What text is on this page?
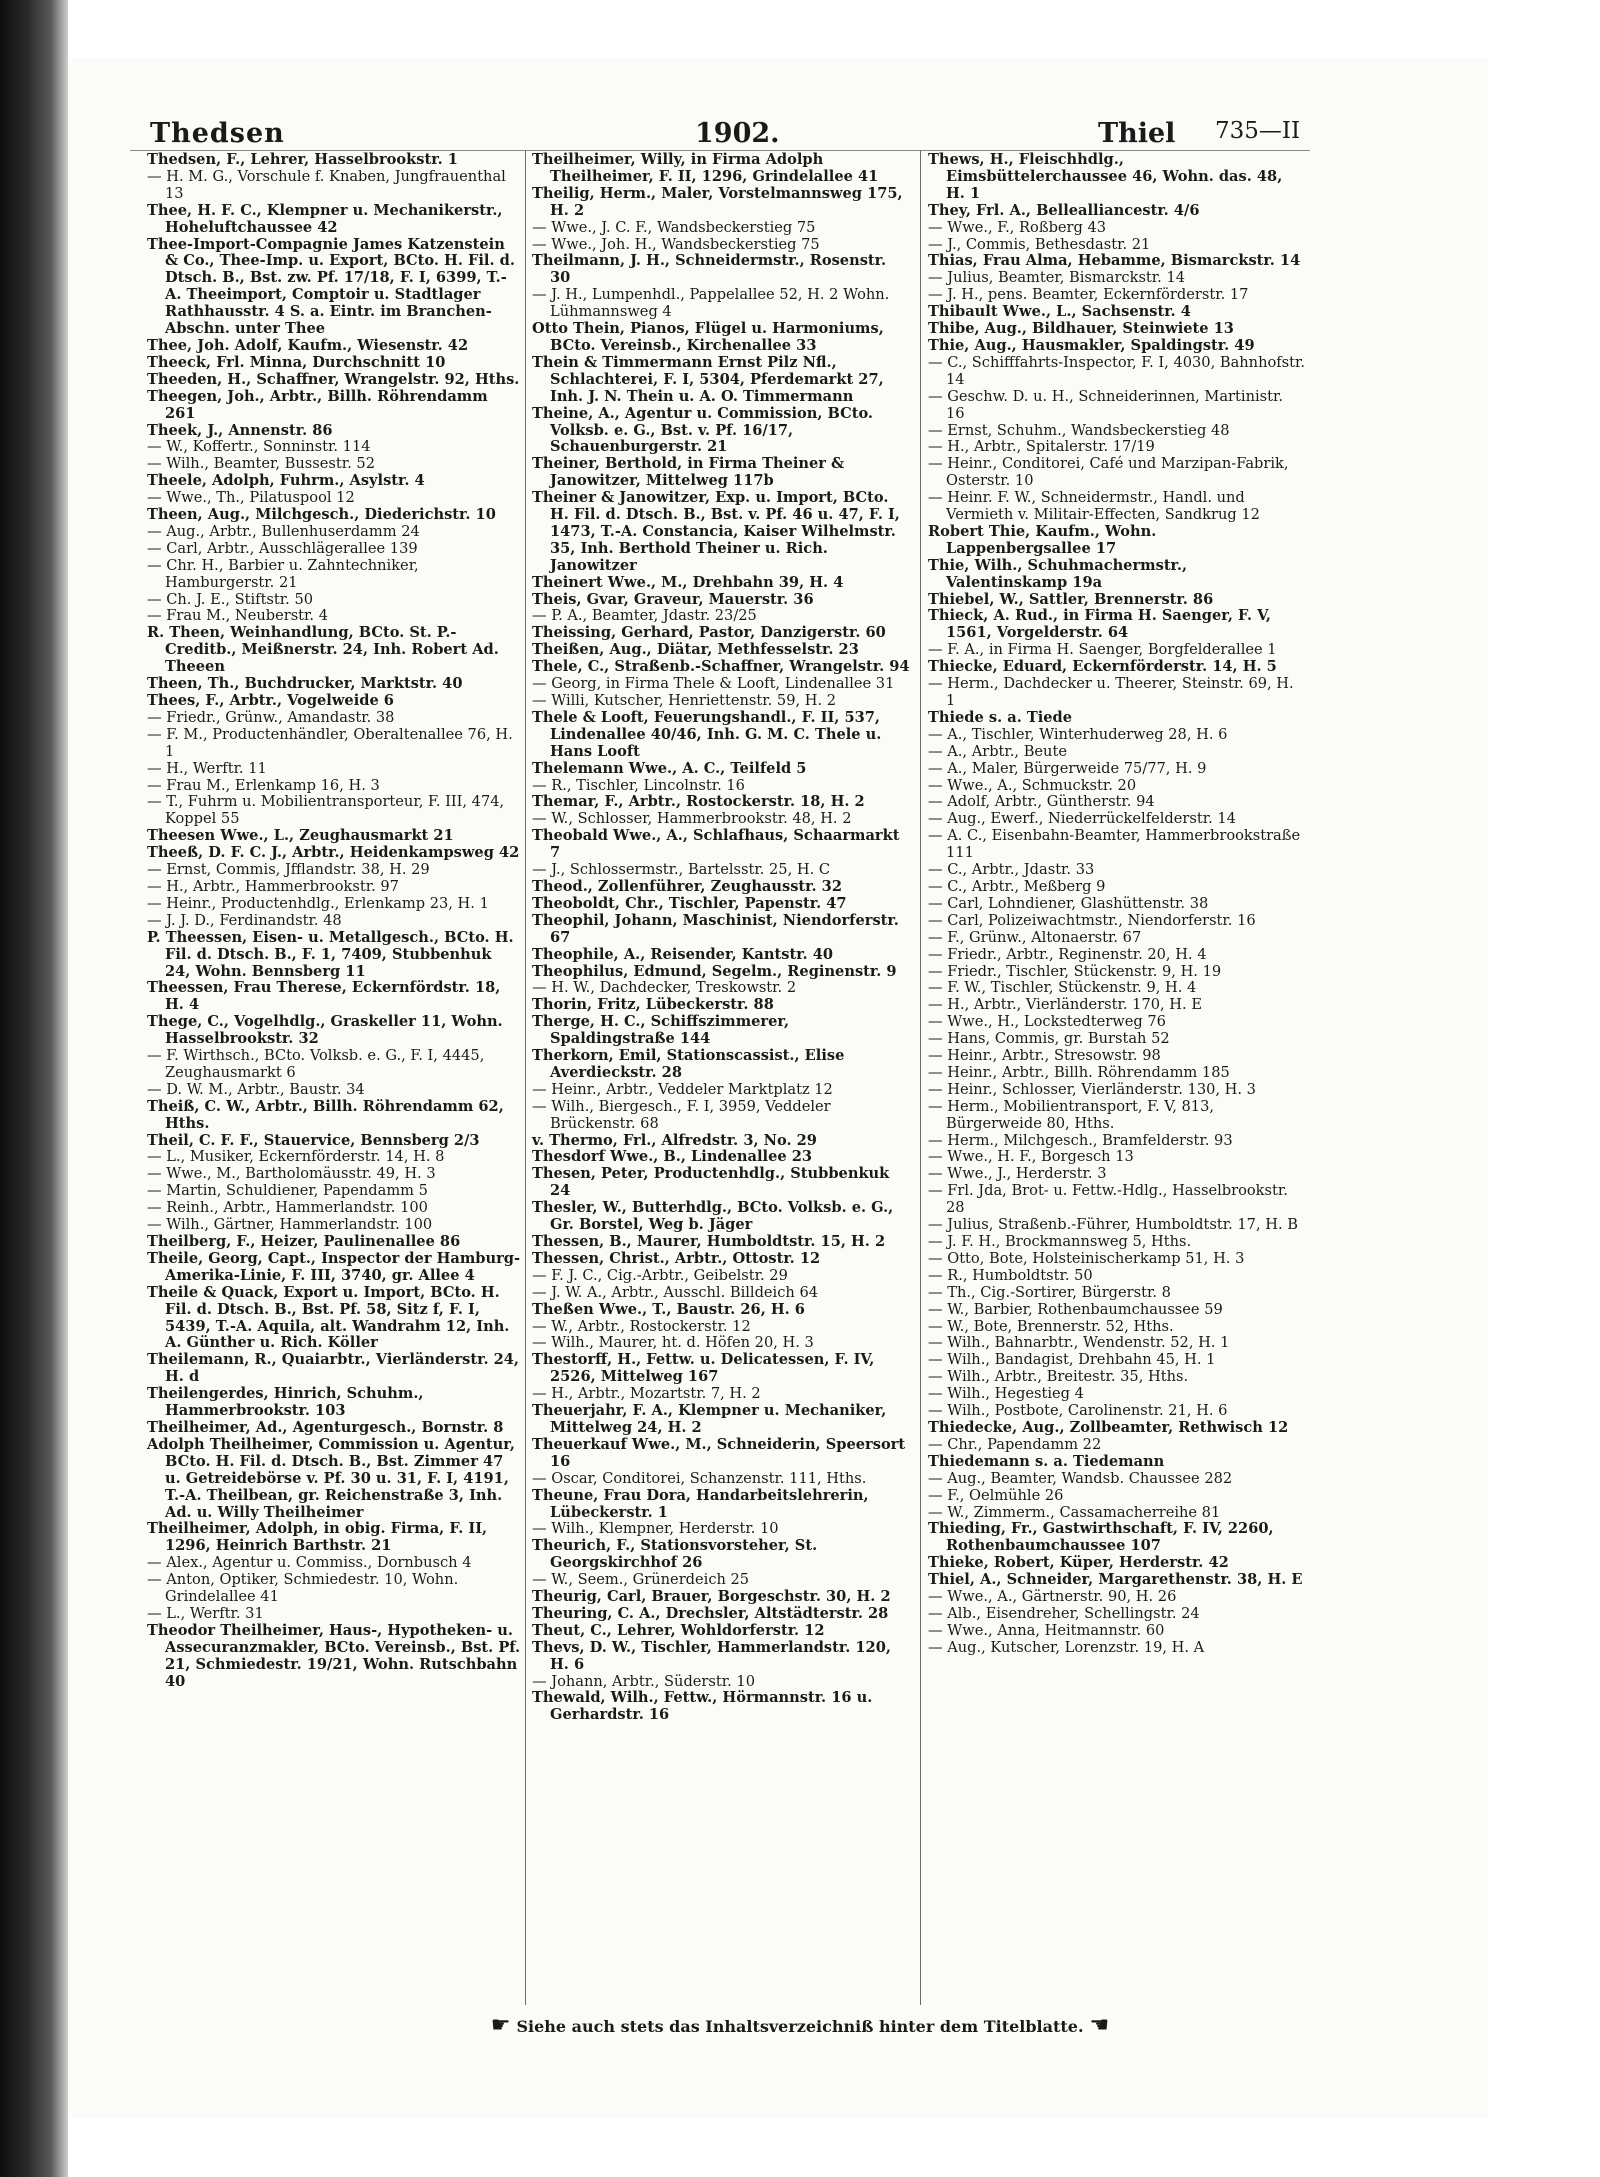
Thedsen	1902.	Thiel 735—II

Thedsen, F., Lehrer, Hasselbrookstr. 1

— H. M. G., Vorschule f. Knaben, Jungfrauenthal 13

Thee, H. F. C., Klempner u. Mechanikerstr., Hoheluftchaussee 42

Thee-Import-Compagnie James Katzenstein & Co., Thee-Imp. u. Export, BCto. H. Fil. d. Dtsch. B., Bst. zw. Pf. 17/18, F. I, 6399, T.-A. Theeimport, Comptoir u. Stadtlager Rathhausstr. 4 S. a. Eintr. im Branchen-Abschn. unter Thee

Thee, Joh. Adolf, Kaufm., Wiesenstr. 42

Theeck, Frl. Minna, Durchschnitt 10

Theeden, H., Schaffner, Wrangelstr. 92, Hths.

Theegen, Joh., Arbtr., Billh. Röhrendamm 261

Theek, J., Annenstr. 86

— W., Koffertr., Sonninstr. 114

— Wilh., Beamter, Bussestr. 52

Theele, Adolph, Fuhrm., Asylstr. 4

— Wwe., Th., Pilatuspool 12

Theen, Aug., Milchgesch., Diederichstr. 10

— Aug., Arbtr., Bullenhuserdamm 24

— Carl, Arbtr., Ausschlägerallee 139

— Chr. H., Barbier u. Zahntechniker, Hamburgerstr. 21

— Ch. J. E., Stiftstr. 50

— Frau M., Neuberstr. 4

R. Theen, Weinhandlung, BCto. St. P.-Creditb., Meißnerstr. 24, Inh. Robert Ad. Theeen

Theen, Th., Buchdrucker, Marktstr. 40

Thees, F., Arbtr., Vogelweide 6

— Friedr., Grünw., Amandastr. 38

— F. M., Productenhändler, Oberaltenallee 76, H. 1

— H., Werftr. 11

— Frau M., Erlenkamp 16, H. 3

— T., Fuhrm u. Mobilientransporteur, F. III, 474, Koppel 55

Theesen Wwe., L., Zeughausmarkt 21

Theeß, D. F. C. J., Arbtr., Heidenkampsweg 42

— Ernst, Commis, Jfflandstr. 38, H. 29

— H., Arbtr., Hammerbrookstr. 97

— Heinr., Productenhdlg., Erlenkamp 23, H. 1

— J. J. D., Ferdinandstr. 48

P. Theessen, Eisen- u. Metallgesch., BCto. H. Fil. d. Dtsch. B., F. 1, 7409, Stubbenhuk 24, Wohn. Bennsberg 11

Theessen, Frau Therese, Eckernfördstr. 18, H. 4

Thege, C., Vogelhdlg., Graskeller 11, Wohn. Hasselbrookstr. 32

— F. Wirthsch., BCto. Volksb. e. G., F. I, 4445, Zeughausmarkt 6

— D. W. M., Arbtr., Baustr. 34

Theiß, C. W., Arbtr., Billh. Röhrendamm 62, Hths.

Theil, C. F. F., Stauervice, Bennsberg 2/3

— L., Musiker, Eckernförderstr. 14, H. 8

— Wwe., M., Bartholomäusstr. 49, H. 3

— Martin, Schuldiener, Papendamm 5

— Reinh., Arbtr., Hammerlandstr. 100

— Wilh., Gärtner, Hammerlandstr. 100

Theilberg, F., Heizer, Paulinenallee 86

Theile, Georg, Capt., Inspector der Hamburg-Amerika-Linie, F. III, 3740, gr. Allee 4

Theile & Quack, Export u. Import, BCto. H. Fil. d. Dtsch. B., Bst. Pf. 58, Sitz f, F. I, 5439, T.-A. Aquila, alt. Wandrahm 12, Inh. A. Günther u. Rich. Köller

Theilemann, R., Quaiarbtr., Vierländerstr. 24, H. d

Theilengerdes, Hinrich, Schuhm., Hammerbrookstr. 103

Theilheimer, Ad., Agenturgesch., Bornstr. 8

Adolph Theilheimer, Commission u. Agentur, BCto. H. Fil. d. Dtsch. B., Bst. Zimmer 47 u. Getreidebörse v. Pf. 30 u. 31, F. I, 4191, T.-A. Theilbean, gr. Reichenstraße 3, Inh. Ad. u. Willy Theilheimer

Theilheimer, Adolph, in obig. Firma, F. II, 1296, Heinrich Barthstr. 21

— Alex., Agentur u. Commiss., Dornbusch 4

— Anton, Optiker, Schmiedestr. 10, Wohn. Grindelallee 41

— L., Werftr. 31

Theodor Theilheimer, Haus-, Hypotheken- u. Assecuranzmakler, BCto. Vereinsb., Bst. Pf. 21, Schmiedestr. 19/21, Wohn. Rutschbahn 40

Theilheimer, Willy, in Firma Adolph Theilheimer, F. II, 1296, Grindelallee 41

Theilig, Herm., Maler, Vorstelmannsweg 175, H. 2

— Wwe., J. C. F., Wandsbeckerstieg 75

— Wwe., Joh. H., Wandsbeckerstieg 75

Theilmann, J. H., Schneidermstr., Rosenstr. 30

— J. H., Lumpenhdl., Pappelallee 52, H. 2 Wohn. Lühmannsweg 4

Otto Thein, Pianos, Flügel u. Harmoniums, BCto. Vereinsb., Kirchenallee 33

Thein & Timmermann Ernst Pilz Nfl., Schlachterei, F. I, 5304, Pferdemarkt 27, Inh. J. N. Thein u. A. O. Timmermann

Theine, A., Agentur u. Commission, BCto. Volksb. e. G., Bst. v. Pf. 16/17, Schauenburgerstr. 21

Theiner, Berthold, in Firma Theiner & Janowitzer, Mittelweg 117b

Theiner & Janowitzer, Exp. u. Import, BCto. H. Fil. d. Dtsch. B., Bst. v. Pf. 46 u. 47, F. I, 1473, T.-A. Constancia, Kaiser Wilhelmstr. 35, Inh. Berthold Theiner u. Rich. Janowitzer

Theinert Wwe., M., Drehbahn 39, H. 4

Theis, Gvar, Graveur, Mauerstr. 36

— P. A., Beamter, Jdastr. 23/25

Theissing, Gerhard, Pastor, Danzigerstr. 60

Theißen, Aug., Diätar, Methfesselstr. 23

Thele, C., Straßenb.-Schaffner, Wrangelstr. 94

— Georg, in Firma Thele & Looft, Lindenallee 31

— Willi, Kutscher, Henriettenstr. 59, H. 2

Thele & Looft, Feuerungshandl., F. II, 537, Lindenallee 40/46, Inh. G. M. C. Thele u. Hans Looft

Thelemann Wwe., A. C., Teilfeld 5

— R., Tischler, Lincolnstr. 16

Themar, F., Arbtr., Rostockerstr. 18, H. 2

— W., Schlosser, Hammerbrookstr. 48, H. 2

Theobald Wwe., A., Schlafhaus, Schaarmarkt 7

— J., Schlossermstr., Bartelsstr. 25, H. C

Theod., Zollenführer, Zeughausstr. 32

Theoboldt, Chr., Tischler, Papenstr. 47

Theophil, Johann, Maschinist, Niendorferstr. 67

Theophile, A., Reisender, Kantstr. 40

Theophilus, Edmund, Segelm., Reginenstr. 9

— H. W., Dachdecker, Treskowstr. 2

Thorin, Fritz, Lübeckerstr. 88

Therge, H. C., Schiffszimmerer, Spaldingstraße 144

Therkorn, Emil, Stationscassist., Elise Averdieckstr. 28

— Heinr., Arbtr., Veddeler Marktplatz 12

— Wilh., Biergesch., F. I, 3959, Veddeler Brückenstr. 68

v. Thermo, Frl., Alfredstr. 3, No. 29

Thesdorf Wwe., B., Lindenallee 23

Thesen, Peter, Productenhdlg., Stubbenkuk 24

Thesler, W., Butterhdlg., BCto. Volksb. e. G., Gr. Borstel, Weg b. Jäger

Thessen, B., Maurer, Humboldtstr. 15, H. 2

Thessen, Christ., Arbtr., Ottostr. 12

— F. J. C., Cig.-Arbtr., Geibelstr. 29

— J. W. A., Arbtr., Ausschl. Billdeich 64

Theßen Wwe., T., Baustr. 26, H. 6

— W., Arbtr., Rostockerstr. 12

— Wilh., Maurer, ht. d. Höfen 20, H. 3

Thestorff, H., Fettw. u. Delicatessen, F. IV, 2526, Mittelweg 167

— H., Arbtr., Mozartstr. 7, H. 2

Theuerjahr, F. A., Klempner u. Mechaniker, Mittelweg 24, H. 2

Theuerkauf Wwe., M., Schneiderin, Speersort 16

— Oscar, Conditorei, Schanzenstr. 111, Hths.

Theune, Frau Dora, Handarbeitslehrerin, Lübeckerstr. 1

— Wilh., Klempner, Herderstr. 10

Theurich, F., Stationsvorsteher, St. Georgskirchhof 26

— W., Seem., Grünerdeich 25

Theurig, Carl, Brauer, Borgeschstr. 30, H. 2

Theuring, C. A., Drechsler, Altstädterstr. 28

Theut, C., Lehrer, Wohldorferstr. 12

Thevs, D. W., Tischler, Hammerlandstr. 120, H. 6

— Johann, Arbtr., Süderstr. 10

Thewald, Wilh., Fettw., Hörmannstr. 16 u. Gerhardstr. 16

Thews, H., Fleischhdlg., Eimsbüttelerchaussee 46, Wohn. das. 48, H. 1

They, Frl. A., Bellealliancestr. 4/6

— Wwe., F., Roßberg 43

— J., Commis, Bethesdastr. 21

Thias, Frau Alma, Hebamme, Bismarckstr. 14

— Julius, Beamter, Bismarckstr. 14

— J. H., pens. Beamter, Eckernförderstr. 17

Thibault Wwe., L., Sachsenstr. 4

Thibe, Aug., Bildhauer, Steinwiete 13

Thie, Aug., Hausmakler, Spaldingstr. 49

— C., Schifffahrts-Inspector, F. I, 4030, Bahnhofstr. 14

— Geschw. D. u. H., Schneiderinnen, Martinistr. 16

— Ernst, Schuhm., Wandsbeckerstieg 48

— H., Arbtr., Spitalerstr. 17/19

— Heinr., Conditorei, Café und Marzipan-Fabrik, Osterstr. 10

— Heinr. F. W., Schneidermstr., Handl. und Vermieth v. Militair-Effecten, Sandkrug 12

Robert Thie, Kaufm., Wohn. Lappenbergsallee 17

Thie, Wilh., Schuhmachermstr., Valentinskamp 19a

Thiebel, W., Sattler, Brennerstr. 86

Thieck, A. Rud., in Firma H. Saenger, F. V, 1561, Vorgelderstr. 64

— F. A., in Firma H. Saenger, Borgfelderallee 1

Thiecke, Eduard, Eckernförderstr. 14, H. 5

— Herm., Dachdecker u. Theerer, Steinstr. 69, H. 1

Thiede s. a. Tiede

— A., Tischler, Winterhuderweg 28, H. 6

— A., Arbtr., Beute

— A., Maler, Bürgerweide 75/77, H. 9

— Wwe., A., Schmuckstr. 20

— Adolf, Arbtr., Güntherstr. 94

— Aug., Ewerf., Niederrückelfelderstr. 14

— A. C., Eisenbahn-Beamter, Hammerbrookstraße 111

— C., Arbtr., Jdastr. 33

— C., Arbtr., Meßberg 9

— Carl, Lohndiener, Glashüttenstr. 38

— Carl, Polizeiwachtmstr., Niendorferstr. 16

— F., Grünw., Altonaerstr. 67

— Friedr., Arbtr., Reginenstr. 20, H. 4

— Friedr., Tischler, Stückenstr. 9, H. 19

— F. W., Tischler, Stückenstr. 9, H. 4

— H., Arbtr., Vierländerstr. 170, H. E

— Wwe., H., Lockstedterweg 76

— Hans, Commis, gr. Burstah 52

— Heinr., Arbtr., Stresowstr. 98

— Heinr., Arbtr., Billh. Röhrendamm 185

— Heinr., Schlosser, Vierländerstr. 130, H. 3

— Herm., Mobilientransport, F. V, 813, Bürgerweide 80, Hths.

— Herm., Milchgesch., Bramfelderstr. 93

— Wwe., H. F., Borgesch 13

— Wwe., J., Herderstr. 3

— Frl. Jda, Brot- u. Fettw.-Hdlg., Hasselbrookstr. 28

— Julius, Straßenb.-Führer, Humboldtstr. 17, H. B

— J. F. H., Brockmannsweg 5, Hths.

— Otto, Bote, Holsteinischerkamp 51, H. 3

— R., Humboldtstr. 50

— Th., Cig.-Sortirer, Bürgerstr. 8

— W., Barbier, Rothenbaumchaussee 59

— W., Bote, Brennerstr. 52, Hths.

— Wilh., Bahnarbtr., Wendenstr. 52, H. 1

— Wilh., Bandagist, Drehbahn 45, H. 1

— Wilh., Arbtr., Breitestr. 35, Hths.

— Wilh., Hegestieg 4

— Wilh., Postbote, Carolinenstr. 21, H. 6

Thiedecke, Aug., Zollbeamter, Rethwisch 12

— Chr., Papendamm 22

Thiedemann s. a. Tiedemann

— Aug., Beamter, Wandsb. Chaussee 282

— F., Oelmühle 26

— W., Zimmerm., Cassamacherreihe 81

Thieding, Fr., Gastwirthschaft, F. IV, 2260, Rothenbaumchaussee 107

Thieke, Robert, Küper, Herderstr. 42

Thiel, A., Schneider, Margarethenstr. 38, H. E

— Wwe., A., Gärtnerstr. 90, H. 26

— Alb., Eisendreher, Schellingstr. 24

— Wwe., Anna, Heitmannstr. 60

— Aug., Kutscher, Lorenzstr. 19, H. A

☛ Siehe auch stets das Inhaltsverzeichniß hinter dem Titelblatte. ☚
